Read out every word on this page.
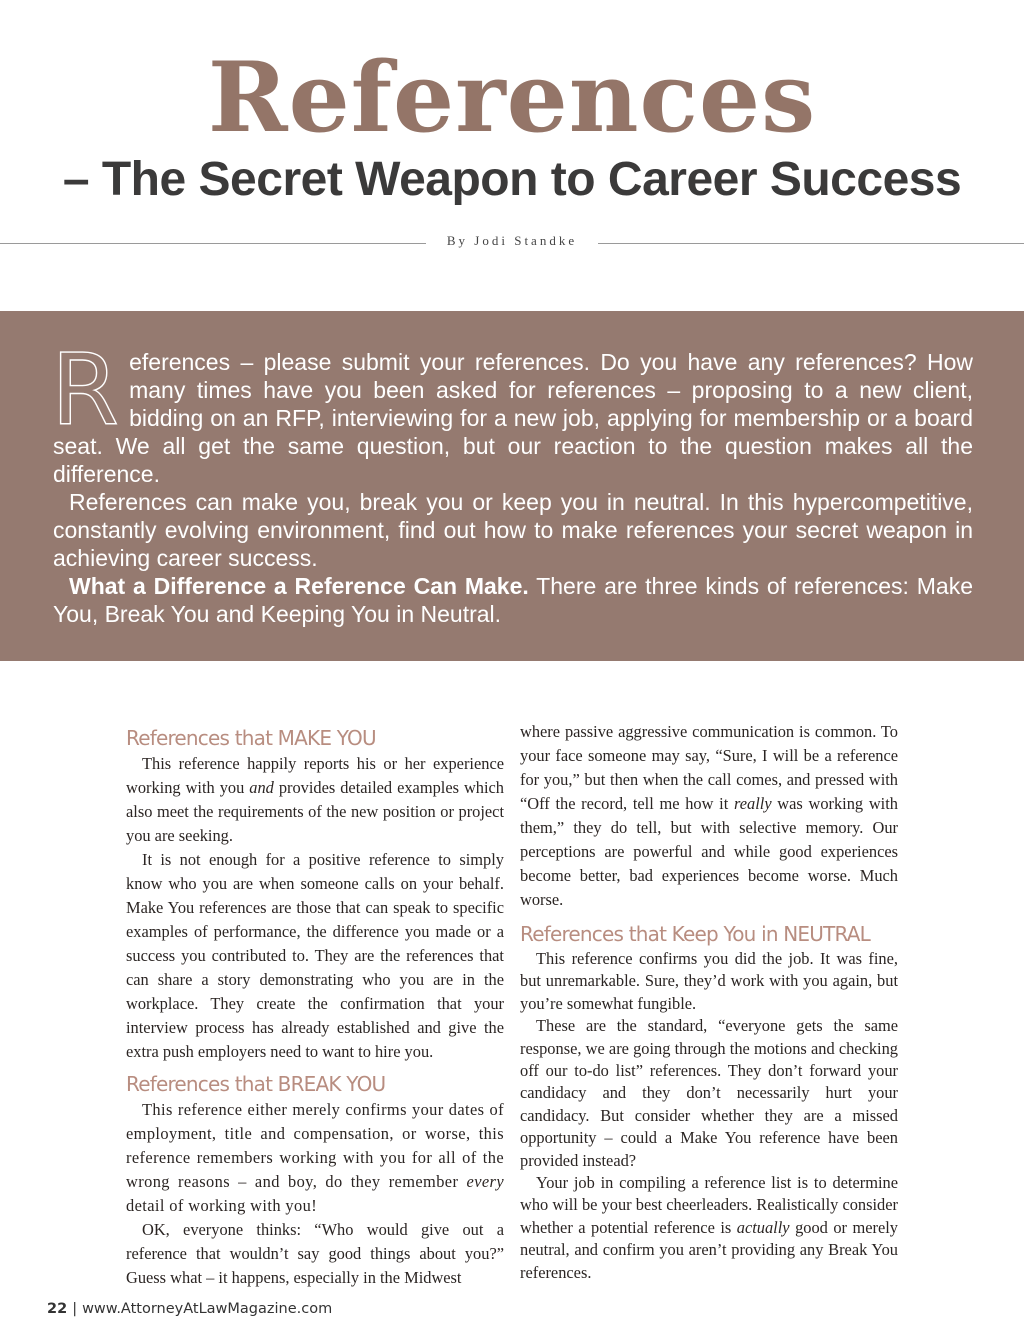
References
– The Secret Weapon to Career Success
By Jodi Standke

References – please submit your references. Do you have any references? How many times have you been asked for references – proposing to a new client, bidding on an RFP, interviewing for a new job, applying for membership or a board seat. We all get the same question, but our reaction to the question makes all the difference.

References can make you, break you or keep you in neutral. In this hypercompetitive, constantly evolving environment, find out how to make references your secret weapon in achieving career success.

What a Difference a Reference Can Make. There are three kinds of references: Make You, Break You and Keeping You in Neutral.

References that MAKE YOU

This reference happily reports his or her experience working with you and provides detailed examples which also meet the requirements of the new position or project you are seeking.

It is not enough for a positive reference to simply know who you are when someone calls on your behalf. Make You references are those that can speak to specific examples of performance, the difference you made or a success you contributed to. They are the references that can share a story demonstrating who you are in the workplace. They create the confirmation that your interview process has already established and give the extra push employers need to want to hire you.

References that BREAK YOU

This reference either merely confirms your dates of employment, title and compensation, or worse, this reference remembers working with you for all of the wrong reasons – and boy, do they remember every detail of working with you!

OK, everyone thinks: “Who would give out a reference that wouldn’t say good things about you?” Guess what – it happens, especially in the Midwest

where passive aggressive communication is common. To your face someone may say, “Sure, I will be a reference for you,” but then when the call comes, and pressed with “Off the record, tell me how it really was working with them,” they do tell, but with selective memory. Our perceptions are powerful and while good experiences become better, bad experiences become worse. Much worse.

References that Keep You in NEUTRAL

This reference confirms you did the job. It was fine, but unremarkable. Sure, they’d work with you again, but you’re somewhat fungible.

These are the standard, “everyone gets the same response, we are going through the motions and checking off our to-do list” references. They don’t forward your candidacy and they don’t necessarily hurt your candidacy. But consider whether they are a missed opportunity – could a Make You reference have been provided instead?

Your job in compiling a reference list is to determine who will be your best cheerleaders. Realistically consider whether a potential reference is actually good or merely neutral, and confirm you aren’t providing any Break You references.

22 | www.AttorneyAtLawMagazine.com
